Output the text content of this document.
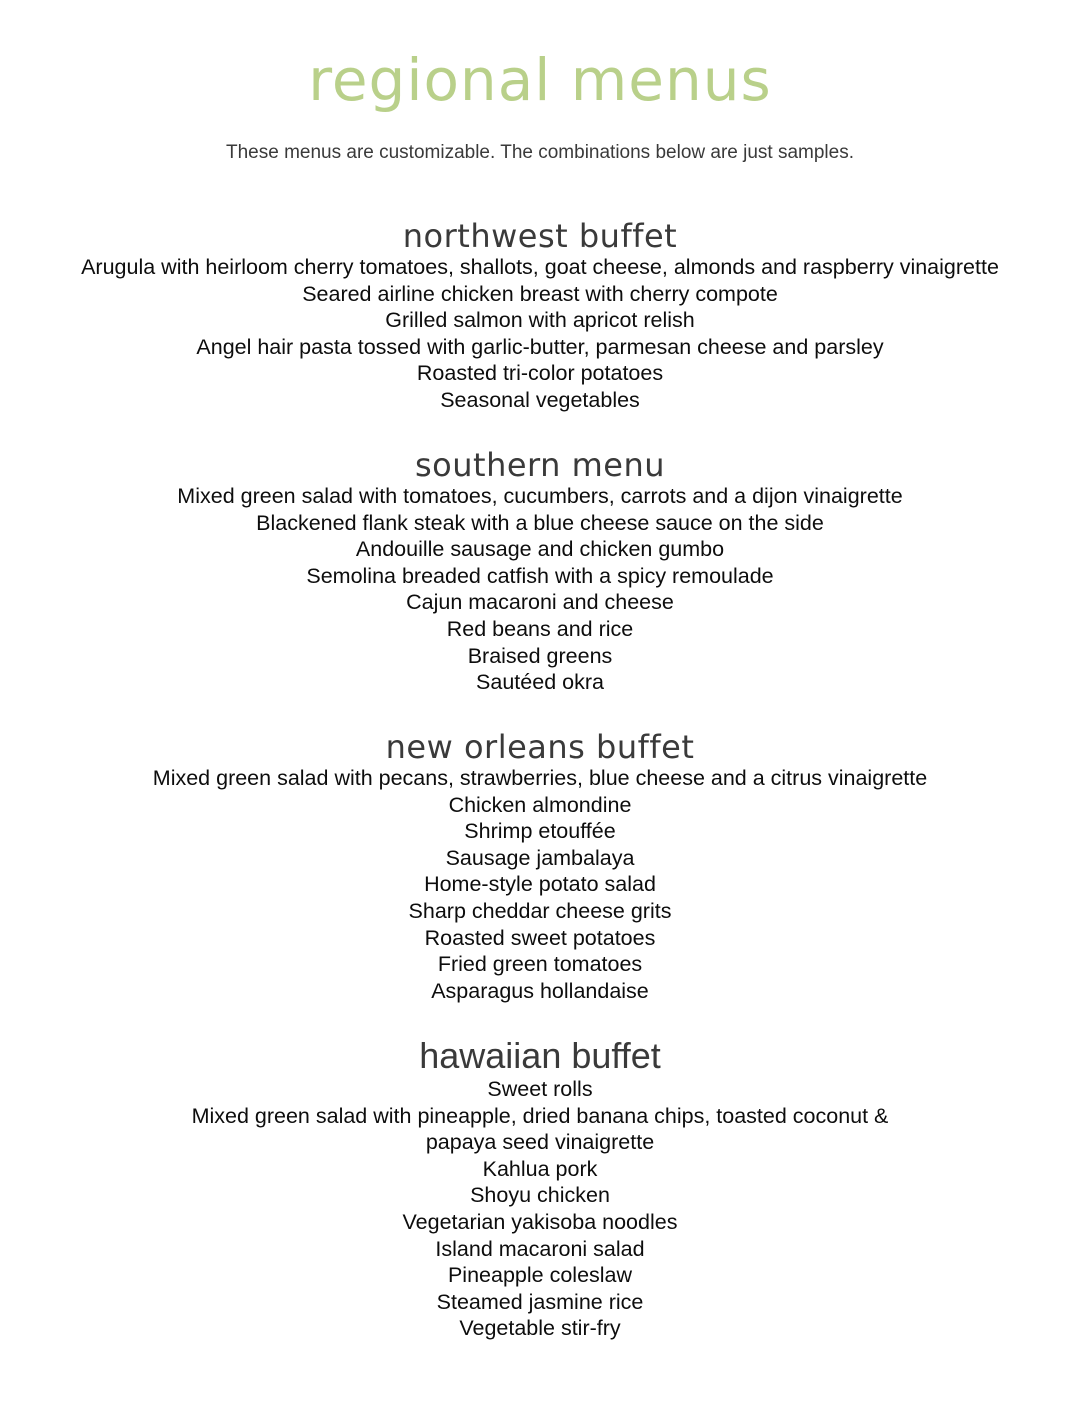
regional menus

These menus are customizable. The combinations below are just samples.

northwest buffet
Arugula with heirloom cherry tomatoes, shallots, goat cheese, almonds and raspberry vinaigrette
Seared airline chicken breast with cherry compote
Grilled salmon with apricot relish
Angel hair pasta tossed with garlic-butter, parmesan cheese and parsley
Roasted tri-color potatoes
Seasonal vegetables
southern menu
Mixed green salad with tomatoes, cucumbers, carrots and a dijon vinaigrette
Blackened flank steak with a blue cheese sauce on the side
Andouille sausage and chicken gumbo
Semolina breaded catfish with a spicy remoulade
Cajun macaroni and cheese
Red beans and rice
Braised greens
Sautéed okra
new orleans buffet
Mixed green salad with pecans, strawberries, blue cheese and a citrus vinaigrette
Chicken almondine
Shrimp etouffée
Sausage jambalaya
Home-style potato salad
Sharp cheddar cheese grits
Roasted sweet potatoes
Fried green tomatoes
Asparagus hollandaise
hawaiian buffet
Sweet rolls
Mixed green salad with pineapple, dried banana chips, toasted coconut & papaya seed vinaigrette
Kahlua pork
Shoyu chicken
Vegetarian yakisoba noodles
Island macaroni salad
Pineapple coleslaw
Steamed jasmine rice
Vegetable stir-fry
